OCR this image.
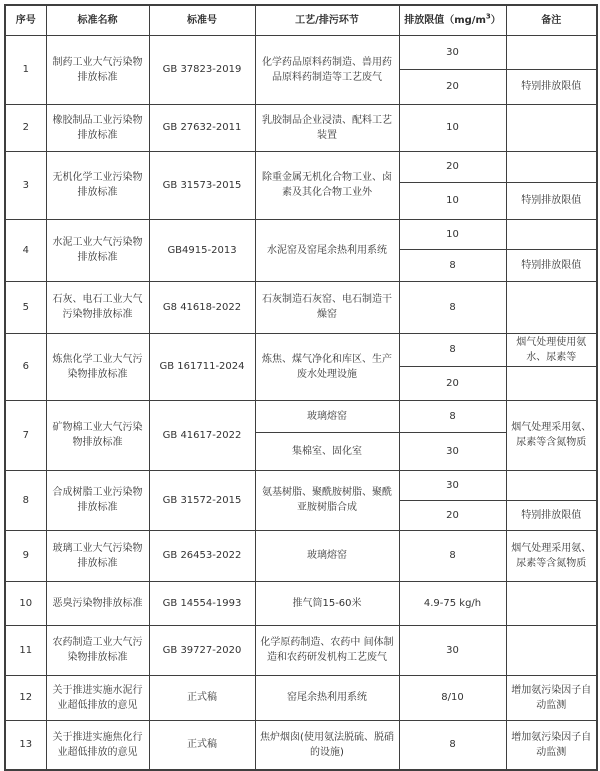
序号	标准名称	标准号	工艺/排污环节	排放限值$(mg/m^3)$	备注
1	制药工业大气污染物排放标准	GB 37823-2019	化学药品原料药制造、兽用药品原料药制造等工艺废气	30	
				20	特别排放限值
2	橡胶制品工业污染物排放标准	GB 27632-2011	乳胶制品企业浸渍、配料工艺装置	10	
3	无机化学工业污染物排放标准	GB 31573-2015	除重金属无机化合物工业、卤素及其化合物工业外	20	
				10	特别排放限值
4	水泥工业大气污染物排放标准	GB4915-2013	水泥窑及窑尾余热利用系统	10	
				8	特别排放限值
5	石灰、电石工业大气污染物排放标准	G8 41618-2022	石灰制造石灰窑、电石制造干燥窑	8	
6	炼焦化学工业大气污染物排放标准	GB 161711-2024	炼焦、煤气净化和库区、生产废水处理设施	8	烟气处理使用氨水、尿素等
				20	
7	矿物棉工业大气污染物排放标准	GB 41617-2022	玻璃熔窑	8	烟气处理采用氨、尿素等含氮物质
			集棉室、固化室	30	
8	合成树脂工业污染物排放标准	GB 31572-2015	氨基树脂、聚酰胺树脂、聚酰亚胺树脂合成	30	
				20	特别排放限值
9	玻璃工业大气污染物排放标准	GB 26453-2022	玻璃熔窑	8	烟气处理采用氨、尿素等含氮物质
10	恶臭污染物排放标准	GB 14554-1993	推气筒15-60米	4.9-75 kg/h	
11	农药制造工业大气污染物排放标准	GB 39727-2020	化学原药制造、农药中 间体制造和农药研发机构工艺废气	30	
12	关于推进实施水泥行业超低排放的意见	正式稿	窑尾余热利用系统	8/10	增加氨污染因子自动监测
13	关于推进实施焦化行业超低排放的意见	正式稿	焦炉烟囱(使用氨法脱硫、脱硝的设施)	8	增加氨污染因子自动监测
